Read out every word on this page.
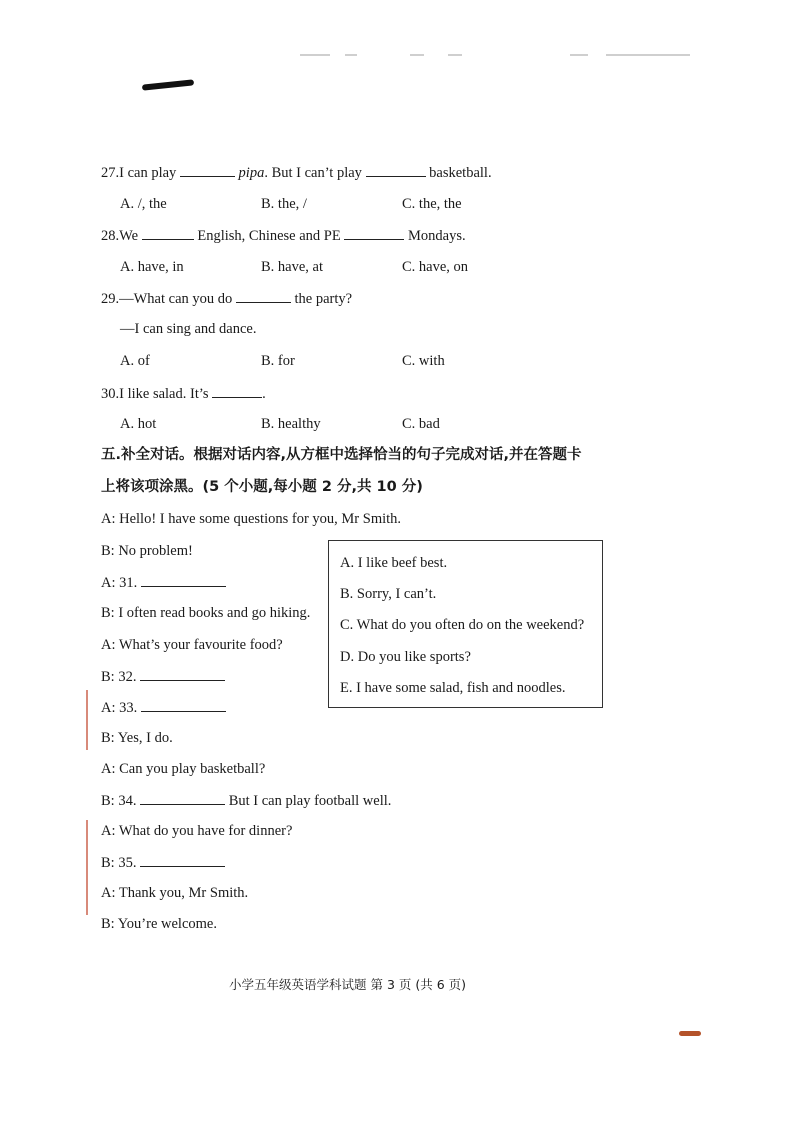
27.I can play	pipa. But I can’t play	basketball.
A. /, the	B. the, /	C. the, the
28.We	English, Chinese and PE	Mondays.
A. have, in	B. have, at	C. have, on
29.—What can you do	the party?
—I can sing and dance.
A. of	B. for	C. with
30.I like salad. It’s	.
A. hot	B. healthy	C. bad
五.补全对话。根据对话内容,从方框中选择恰当的句子完成对话,并在答题卡
上将该项涂黑。(5 个小题,每小题 2 分,共 10 分)
A: Hello! I have some questions for you, Mr Smith.
B: No problem!
A: 31.
B: I often read books and go hiking.
A: What’s your favourite food?
B: 32.
A: 33.
B: Yes, I do.
A: Can you play basketball?
B: 34.	But I can play football well.
A: What do you have for dinner?
B: 35.
A: Thank you, Mr Smith.
B: You’re welcome.
A. I like beef best.
B. Sorry, I can’t.
C. What do you often do on the weekend?
D. Do you like sports?
E. I have some salad, fish and noodles.
小学五年级英语学科试题 第 3 页 (共 6 页)
